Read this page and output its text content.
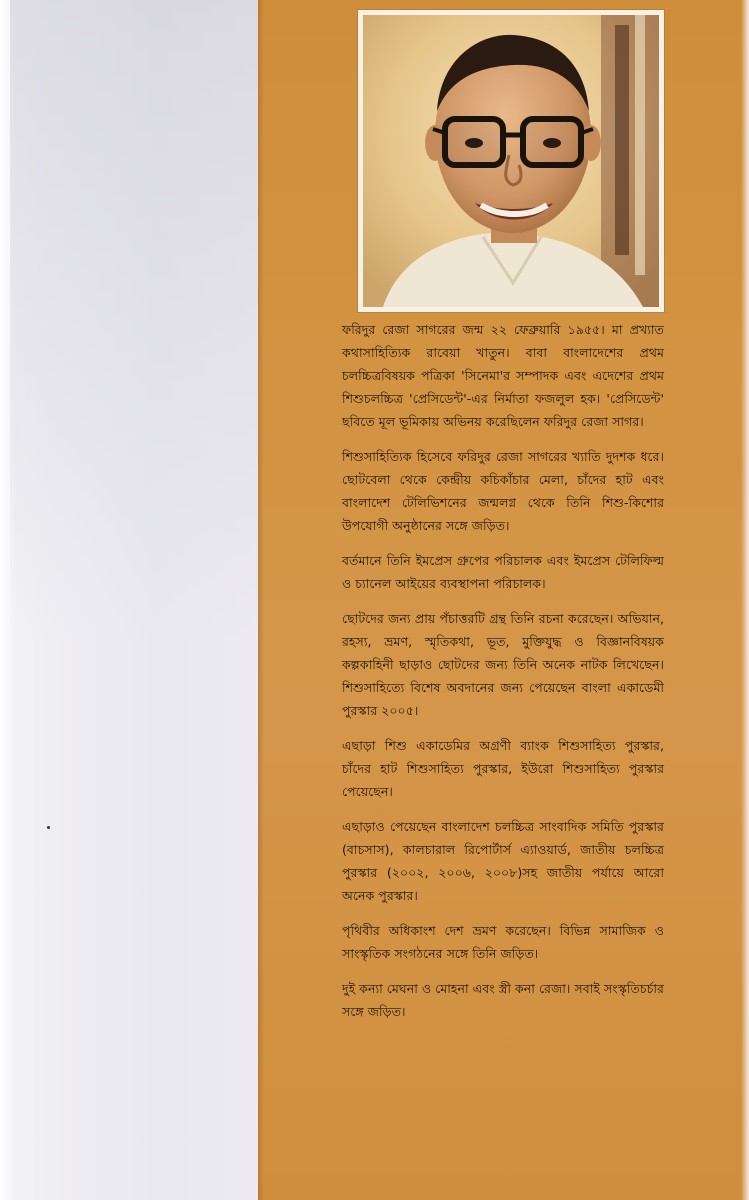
ফরিদুর রেজা সাগরের জন্ম ২২ ফেব্রুয়ারি ১৯৫৫। মা প্রখ্যাত কথাসাহিত্যিক রাবেয়া খাতুন। বাবা বাংলাদেশের প্রথম চলচ্চিত্রবিষয়ক পত্রিকা 'সিনেমা'র সম্পাদক এবং এদেশের প্রথম শিশুচলচ্চিত্র 'প্রেসিডেন্ট'-এর নির্মাতা ফজলুল হক। 'প্রেসিডেন্ট' ছবিতে মূল ভূমিকায় অভিনয় করেছিলেন ফরিদুর রেজা সাগর।

শিশুসাহিত্যিক হিসেবে ফরিদুর রেজা সাগরের খ্যাতি দুদশক ধরে। ছোটবেলা থেকে কেন্দ্রীয় কচিকাঁচার মেলা, চাঁদের হাট এবং বাংলাদেশ টেলিভিশনের জন্মলগ্ন থেকে তিনি শিশু-কিশোর উপযোগী অনুষ্ঠানের সঙ্গে জড়িত।

বর্তমানে তিনি ইমপ্রেস গ্রুপের পরিচালক এবং ইমপ্রেস টেলিফিল্ম ও চ্যানেল আইয়ের ব্যবস্থাপনা পরিচালক।

ছোটদের জন্য প্রায় পঁচাত্তরটি গ্রন্থ তিনি রচনা করেছেন। অভিযান, রহস্য, ভ্রমণ, স্মৃতিকথা, ভূত, মুক্তিযুদ্ধ ও বিজ্ঞানবিষয়ক কল্পকাহিনী ছাড়াও ছোটদের জন্য তিনি অনেক নাটক লিখেছেন। শিশুসাহিত্যে বিশেষ অবদানের জন্য পেয়েছেন বাংলা একাডেমী পুরস্কার ২০০৫।

এছাড়া শিশু একাডেমির অগ্রণী ব্যাংক শিশুসাহিত্য পুরস্কার, চাঁদের হাট শিশুসাহিত্য পুরস্কার, ইউরো শিশুসাহিত্য পুরস্কার পেয়েছেন।

এছাড়াও পেয়েছেন বাংলাদেশ চলচ্চিত্র সাংবাদিক সমিতি পুরস্কার (বাচসাস), কালচারাল রিপোর্টার্স এ্যাওয়ার্ড, জাতীয় চলচ্চিত্র পুরস্কার (২০০২, ২০০৬, ২০০৮)সহ জাতীয় পর্যায়ে আরো অনেক পুরস্কার।

পৃথিবীর অধিকাংশ দেশ ভ্রমণ করেছেন। বিভিন্ন সামাজিক ও সাংস্কৃতিক সংগঠনের সঙ্গে তিনি জড়িত।

দুই কন্যা মেঘনা ও মোহনা এবং স্ত্রী কনা রেজা। সবাই সংস্কৃতিচর্চার সঙ্গে জড়িত।
